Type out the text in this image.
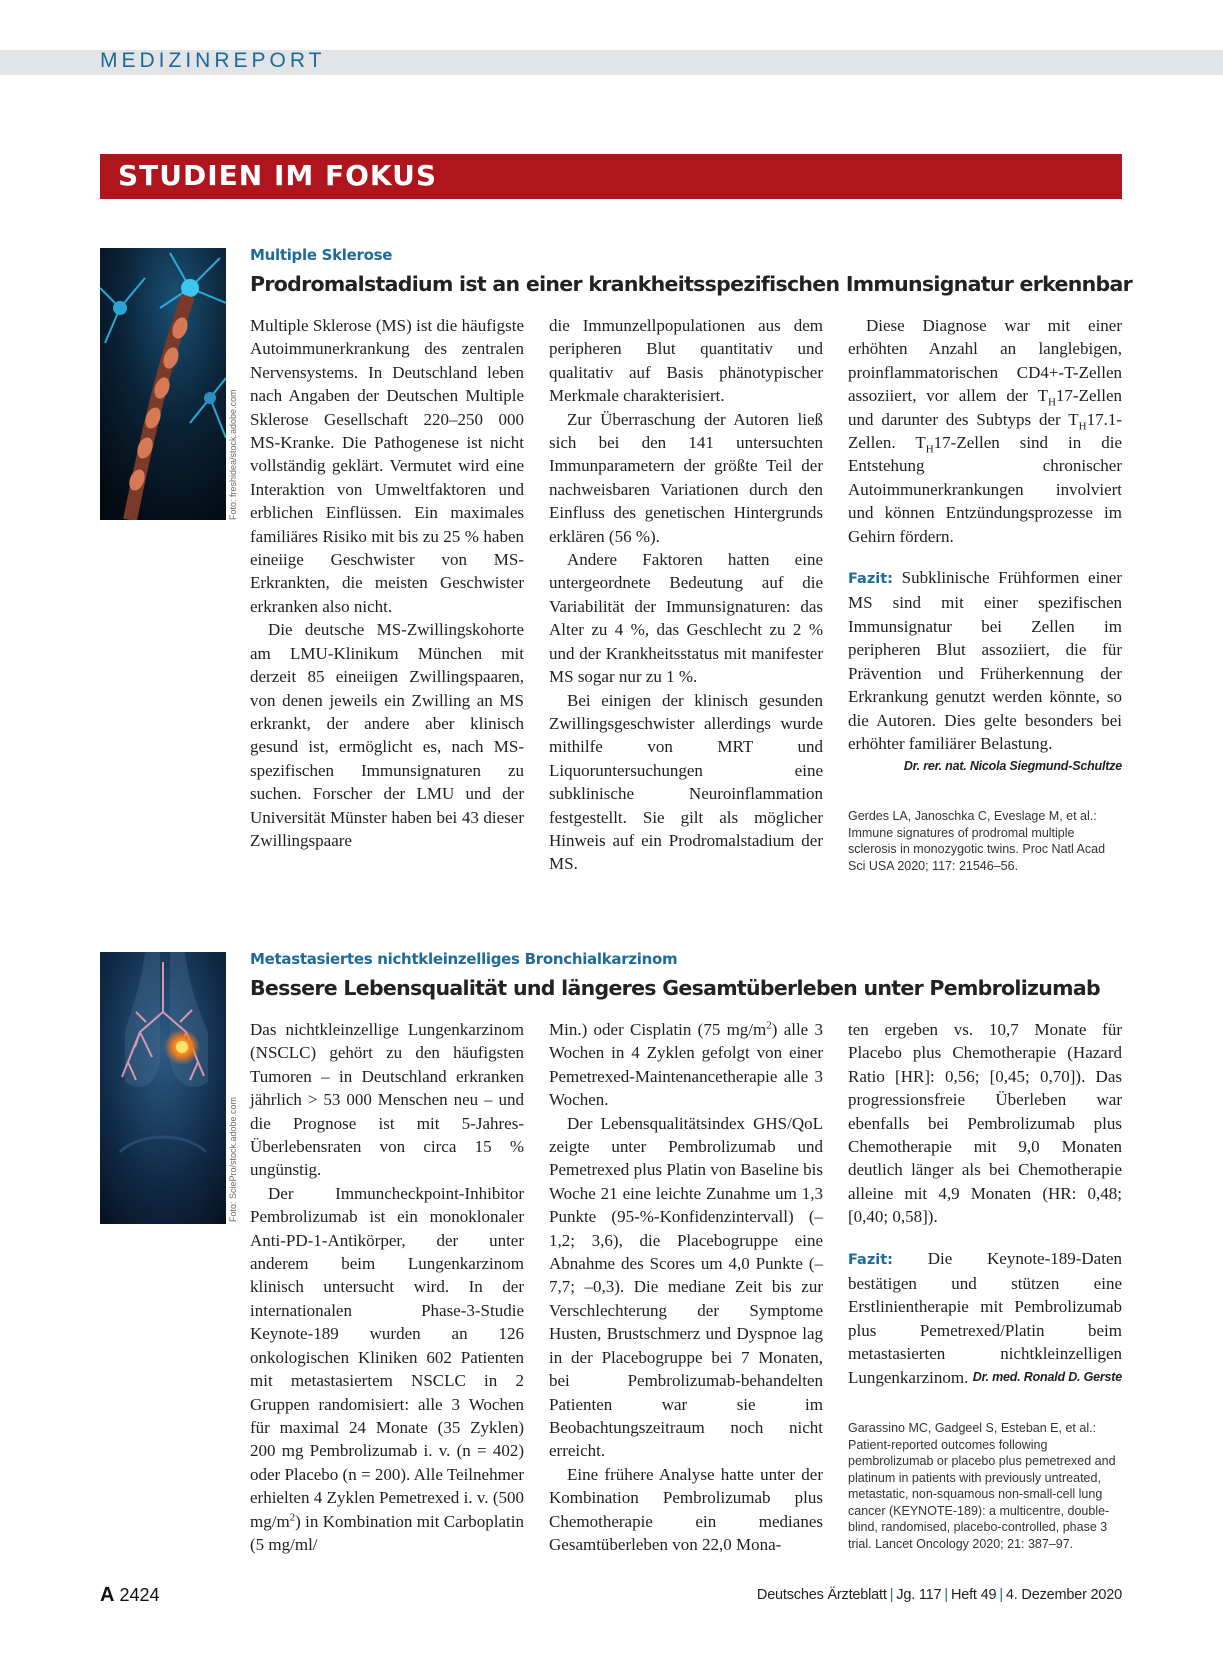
MEDIZINREPORT
STUDIEN IM FOKUS
Foto: freshidea/stock.adobe.com
Multiple Sklerose
Prodromalstadium ist an einer krankheitsspezifischen Immunsignatur erkennbar

Multiple Sklerose (MS) ist die häufigste Autoimmunerkrankung des zentralen Nervensystems. In Deutschland leben nach Angaben der Deutschen Multiple Sklerose Gesellschaft 220–250 000 MS-Kranke. Die Pathogenese ist nicht vollständig geklärt. Vermutet wird eine Interaktion von Umweltfaktoren und erblichen Einflüssen. Ein maximales familiäres Risiko mit bis zu 25 % haben eineiige Geschwister von MS-Erkrankten, die meisten Geschwister erkranken also nicht.

Die deutsche MS-Zwillingskohorte am LMU-Klinikum München mit derzeit 85 eineiigen Zwillingspaaren, von denen jeweils ein Zwilling an MS erkrankt, der andere aber klinisch gesund ist, ermöglicht es, nach MS-spezifischen Immunsignaturen zu suchen. Forscher der LMU und der Universität Münster haben bei 43 dieser Zwillingspaare

die Immunzellpopulationen aus dem peripheren Blut quantitativ und qualitativ auf Basis phänotypischer Merkmale charakterisiert.

Zur Überraschung der Autoren ließ sich bei den 141 untersuchten Immunparametern der größte Teil der nachweisbaren Variationen durch den Einfluss des genetischen Hintergrunds erklären (56 %).

Andere Faktoren hatten eine untergeordnete Bedeutung auf die Variabilität der Immunsignaturen: das Alter zu 4 %, das Geschlecht zu 2 % und der Krankheitsstatus mit manifester MS sogar nur zu 1 %.

Bei einigen der klinisch gesunden Zwillingsgeschwister allerdings wurde mithilfe von MRT und Liquoruntersuchungen eine subklinische Neuroinflammation festgestellt. Sie gilt als möglicher Hinweis auf ein Prodromalstadium der MS.

Diese Diagnose war mit einer erhöhten Anzahl an langlebigen, proinflammatorischen CD4+-T-Zellen assoziiert, vor allem der $T_H17$-Zellen und darunter des Subtyps der $T_H17.1$-Zellen. $T_H17$-Zellen sind in die Entstehung chronischer Autoimmunerkrankungen involviert und können Entzündungsprozesse im Gehirn fördern.

Fazit: Subklinische Frühformen einer MS sind mit einer spezifischen Immunsignatur bei Zellen im peripheren Blut assoziiert, die für Prävention und Früherkennung der Erkrankung genutzt werden könnte, so die Autoren. Dies gelte besonders bei erhöhter familiärer Belastung.
Dr. rer. nat. Nicola Siegmund-Schultze

Gerdes LA, Janoschka C, Eveslage M, et al.: Immune signatures of prodromal multiple sclerosis in monozygotic twins. Proc Natl Acad Sci USA 2020; 117: 21546–56.
Foto: SciePro/stock.adobe.com
Metastasiertes nichtkleinzelliges Bronchialkarzinom
Bessere Lebensqualität und längeres Gesamtüberleben unter Pembrolizumab

Das nichtkleinzellige Lungenkarzinom (NSCLC) gehört zu den häufigsten Tumoren – in Deutschland erkranken jährlich > 53 000 Menschen neu – und die Prognose ist mit 5-Jahres-Überlebensraten von circa 15 % ungünstig.

Der Immuncheckpoint-Inhibitor Pembrolizumab ist ein monoklonaler Anti-PD-1-Antikörper, der unter anderem beim Lungenkarzinom klinisch untersucht wird. In der internationalen Phase-3-Studie Keynote-189 wurden an 126 onkologischen Kliniken 602 Patienten mit metastasiertem NSCLC in 2 Gruppen randomisiert: alle 3 Wochen für maximal 24 Monate (35 Zyklen) 200 mg Pembrolizumab i. v. (n = 402) oder Placebo (n = 200). Alle Teilnehmer erhielten 4 Zyklen Pemetrexed i. v. (500 $mg/m^2$) in Kombination mit Carboplatin (5 mg/ml/

Min.) oder Cisplatin (75 $mg/m^2$) alle 3 Wochen in 4 Zyklen gefolgt von einer Pemetrexed-Maintenancetherapie alle 3 Wochen.

Der Lebensqualitätsindex GHS/QoL zeigte unter Pembrolizumab und Pemetrexed plus Platin von Baseline bis Woche 21 eine leichte Zunahme um 1,3 Punkte (95-%-Konfidenzintervall) (–1,2; 3,6), die Placebogruppe eine Abnahme des Scores um 4,0 Punkte (–7,7; –0,3). Die mediane Zeit bis zur Verschlechterung der Symptome Husten, Brustschmerz und Dyspnoe lag in der Placebogruppe bei 7 Monaten, bei Pembrolizumab-behandelten Patienten war sie im Beobachtungszeitraum noch nicht erreicht.

Eine frühere Analyse hatte unter der Kombination Pembrolizumab plus Chemotherapie ein medianes Gesamtüberleben von 22,0 Mona-

ten ergeben vs. 10,7 Monate für Placebo plus Chemotherapie (Hazard Ratio [HR]: 0,56; [0,45; 0,70]). Das progressionsfreie Überleben war ebenfalls bei Pembrolizumab plus Chemotherapie mit 9,0 Monaten deutlich länger als bei Chemotherapie alleine mit 4,9 Monaten (HR: 0,48; [0,40; 0,58]).

Fazit: Die Keynote-189-Daten bestätigen und stützen eine Erstlinientherapie mit Pembrolizumab plus Pemetrexed/Platin beim metastasierten nichtkleinzelligen Lungenkarzinom. Dr. med. Ronald D. Gerste

Garassino MC, Gadgeel S, Esteban E, et al.: Patient-reported outcomes following pembrolizumab or placebo plus pemetrexed and platinum in patients with previously untreated, metastatic, non-squamous non-small-cell lung cancer (KEYNOTE-189): a multicentre, double-blind, randomised, placebo-controlled, phase 3 trial. Lancet Oncology 2020; 21: 387–97.
A 2424	Deutsches Ärzteblatt | Jg. 117 | Heft 49 | 4. Dezember 2020
